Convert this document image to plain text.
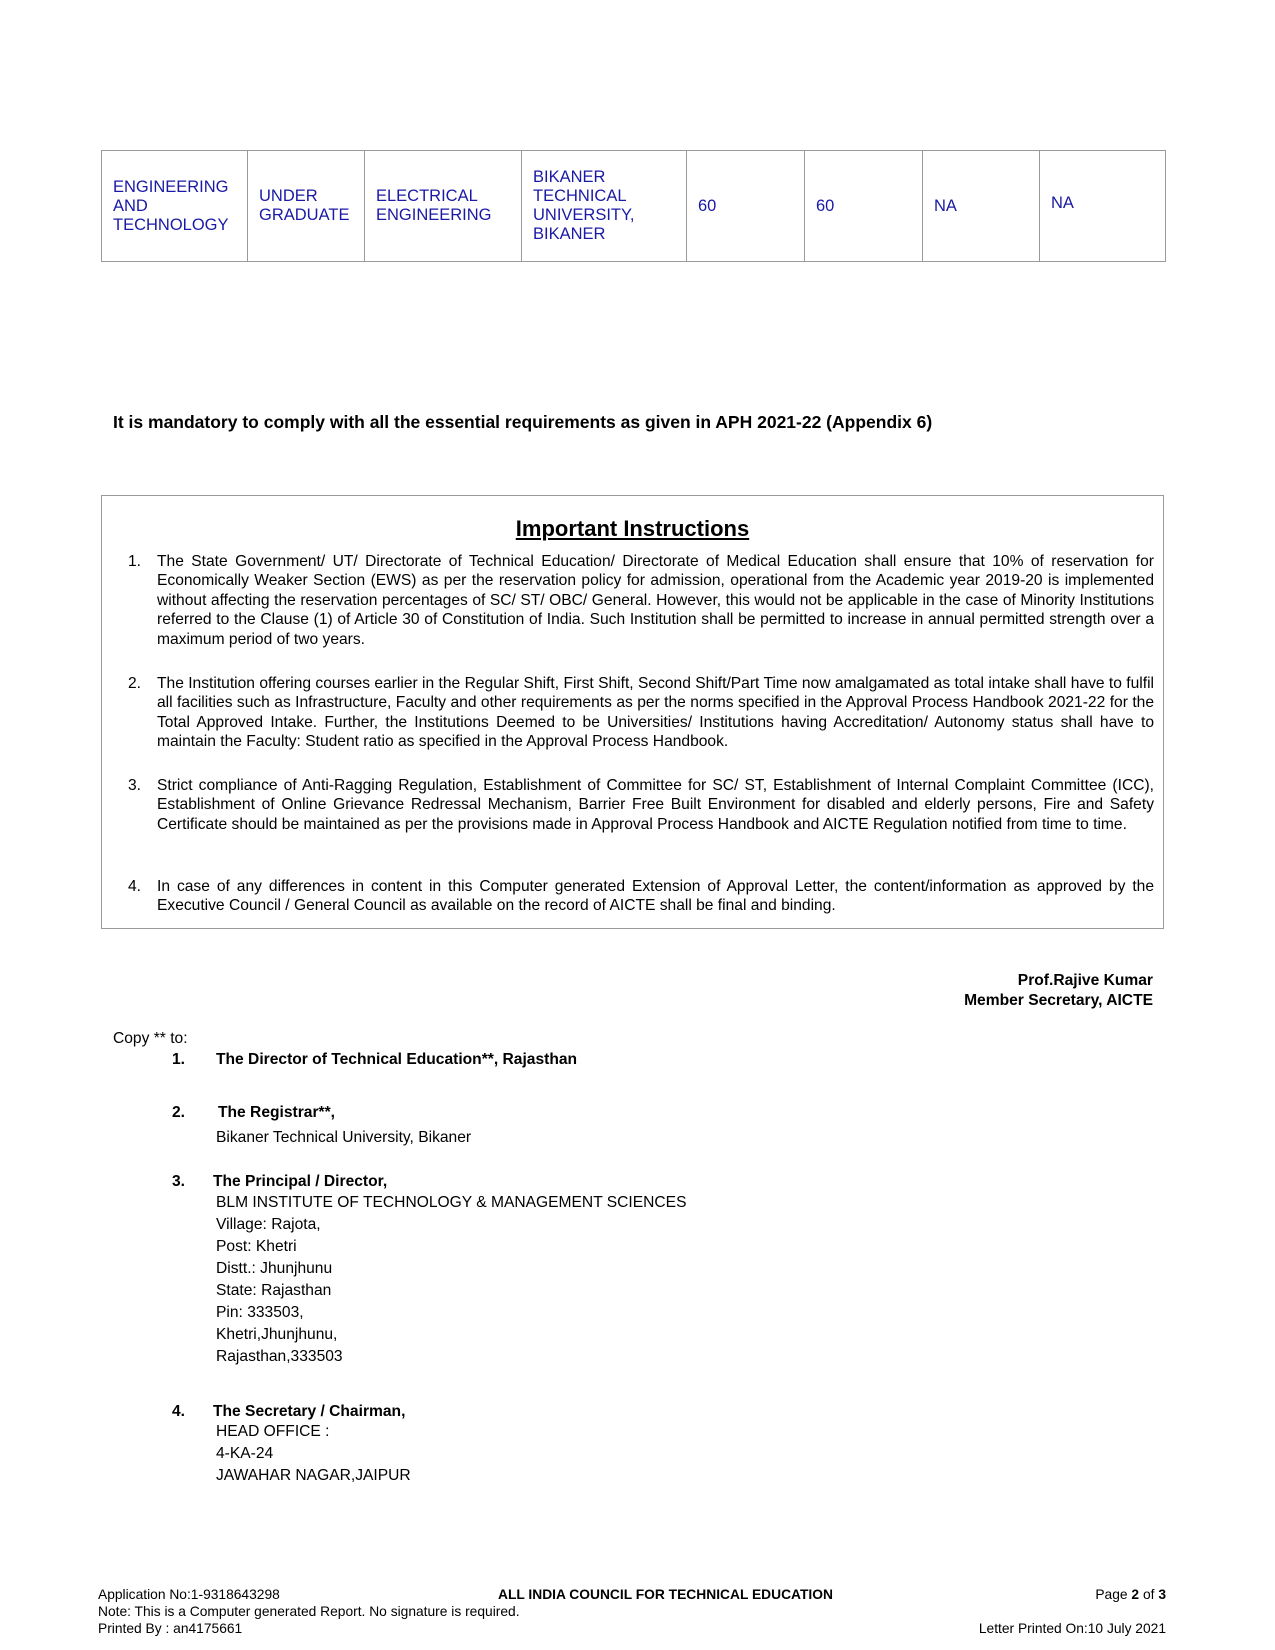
ENGINEERING AND TECHNOLOGY	UNDER GRADUATE	ELECTRICAL ENGINEERING	BIKANER TECHNICAL UNIVERSITY, BIKANER	60	60	NA	NA
It is mandatory to comply with all the essential requirements as given in APH 2021-22 (Appendix 6)
Important Instructions
1. The State Government/ UT/ Directorate of Technical Education/ Directorate of Medical Education shall ensure that 10% of reservation for Economically Weaker Section (EWS) as per the reservation policy for admission, operational from the Academic year 2019-20 is implemented without affecting the reservation percentages of SC/ ST/ OBC/ General. However, this would not be applicable in the case of Minority Institutions referred to the Clause (1) of Article 30 of Constitution of India. Such Institution shall be permitted to increase in annual permitted strength over a maximum period of two years.
2. The Institution offering courses earlier in the Regular Shift, First Shift, Second Shift/Part Time now amalgamated as total intake shall have to fulfil all facilities such as Infrastructure, Faculty and other requirements as per the norms specified in the Approval Process Handbook 2021-22 for the Total Approved Intake. Further, the Institutions Deemed to be Universities/ Institutions having Accreditation/ Autonomy status shall have to maintain the Faculty: Student ratio as specified in the Approval Process Handbook.
3. Strict compliance of Anti-Ragging Regulation, Establishment of Committee for SC/ ST, Establishment of Internal Complaint Committee (ICC), Establishment of Online Grievance Redressal Mechanism, Barrier Free Built Environment for disabled and elderly persons, Fire and Safety Certificate should be maintained as per the provisions made in Approval Process Handbook and AICTE Regulation notified from time to time.
4. In case of any differences in content in this Computer generated Extension of Approval Letter, the content/information as approved by the Executive Council / General Council as available on the record of AICTE shall be final and binding.
Prof.Rajive Kumar
Member Secretary, AICTE
Copy ** to:
1. The Director of Technical Education**, Rajasthan
2. The Registrar**,
Bikaner Technical University, Bikaner
3. The Principal / Director,
BLM INSTITUTE OF TECHNOLOGY & MANAGEMENT SCIENCES
Village: Rajota,
Post: Khetri
Distt.: Jhunjhunu
State: Rajasthan
Pin: 333503,
Khetri,Jhunjhunu,
Rajasthan,333503
4. The Secretary / Chairman,
HEAD OFFICE :
4-KA-24
JAWAHAR NAGAR,JAIPUR
Application No:1-9318643298	ALL INDIA COUNCIL FOR TECHNICAL EDUCATION	Page 2 of 3
Note: This is a Computer generated Report. No signature is required.
Printed By : an4175661	Letter Printed On:10 July 2021
